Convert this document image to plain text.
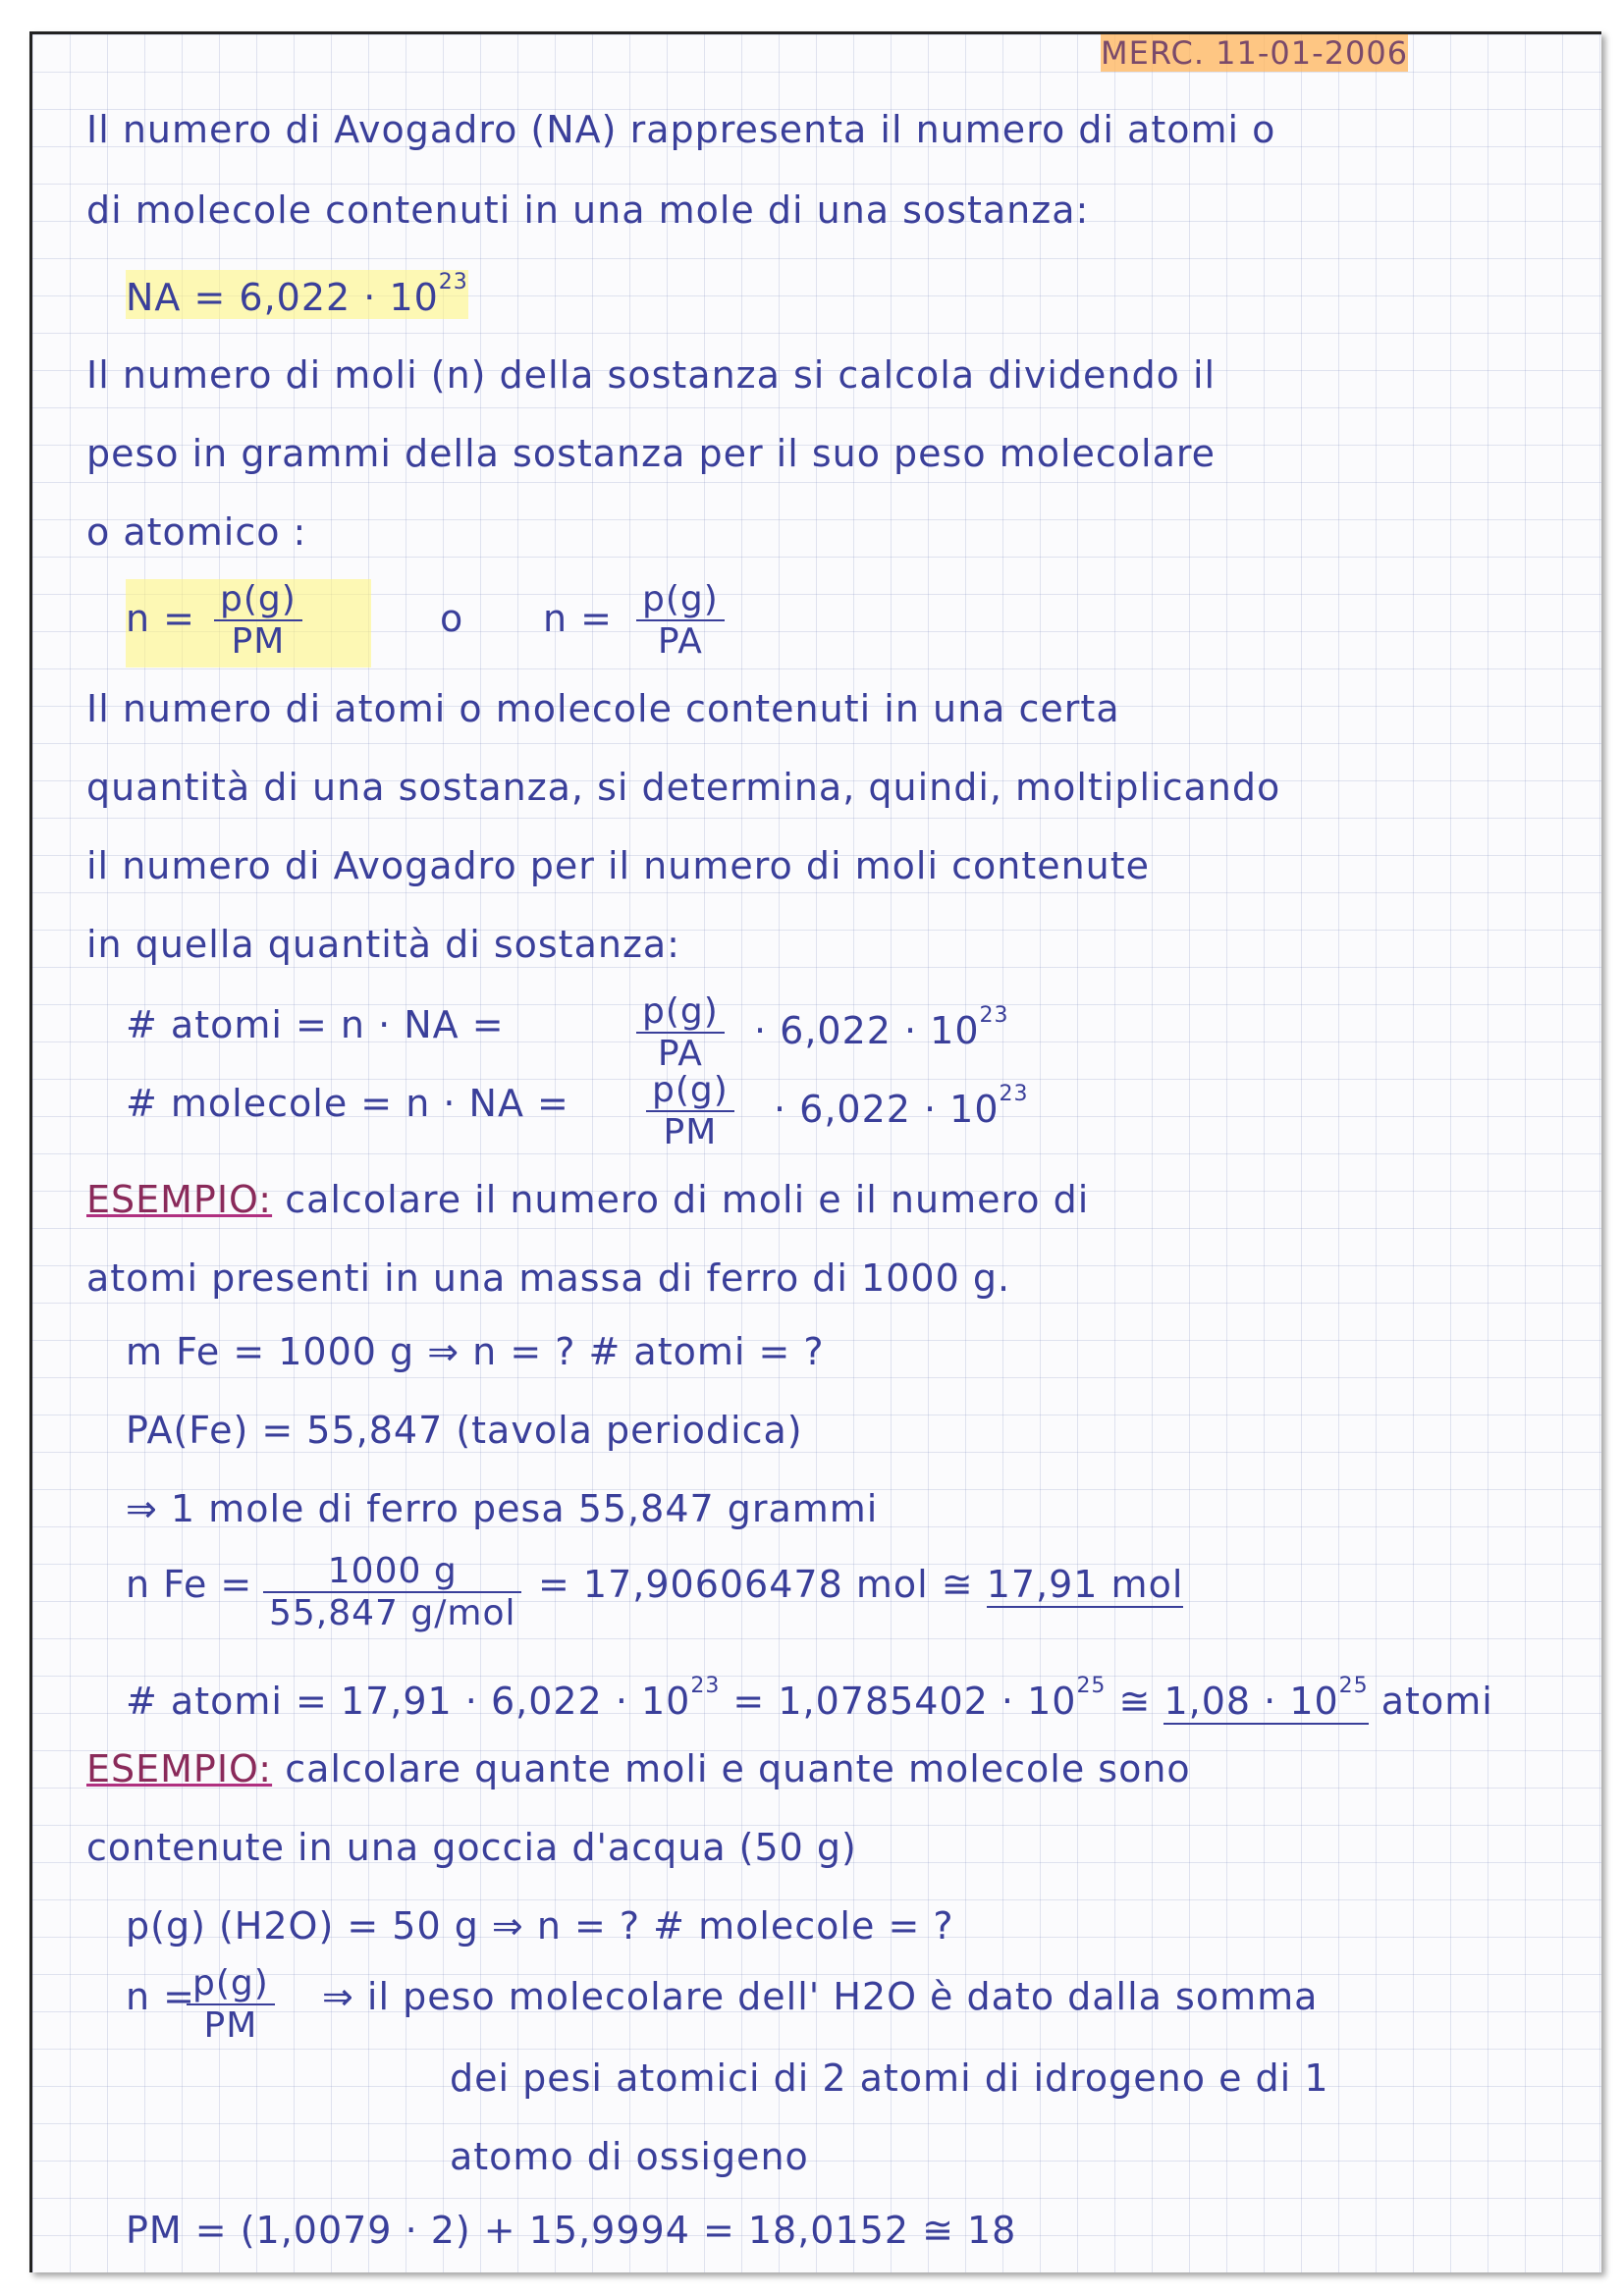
MERC. 11-01-2006
Il numero di Avogadro (NA) rappresenta il numero di atomi o
di molecole contenuti in una mole di una sostanza:
NA = $6,022 \cdot 10^{23}$
Il numero di moli (n) della sostanza si calcola dividendo il
peso in grammi della sostanza per il suo peso molecolare
o atomico :
$n = \frac{p(g)}{PM}$	o $n = \frac{p(g)}{PA}$
Il numero di atomi o molecole contenuti in una certa
quantità di una sostanza, si determina, quindi, moltiplicando
il numero di Avogadro per il numero di moli contenute
in quella quantità di sostanza:
# atomi = n · NA =	$\frac{p(g)}{PA} \cdot 6,022 \cdot 10^{23}$
# molecole = n · NA = $\frac{p(g)}{PM} \cdot 6,022 \cdot 10^{23}$
ESEMPIO: calcolare il numero di moli e il numero di
atomi presenti in una massa di ferro di 1000 g.
m Fe = 1000 g ⇒ n = ? # atomi = ?
PA(Fe) = 55,847 (tavola periodica)
⇒ 1 mole di ferro pesa 55,847 grammi
n Fe =	1000 g
55,847 g/mol
= 17,90606478 mol ≅ 17,91 mol
# atomi = $17,91 \cdot 6,022 \cdot 10^{23} = 1,0785402 \cdot 10^{25}$ ≅ $1,08 \cdot 10^{25}$ atomi
ESEMPIO: calcolare quante moli e quante molecole sono
contenute in una goccia d'acqua (50 g)
p(g) (H2O) = 50 g ⇒ n = ? # molecole = ?
n =
$\frac{p(g)}{PM}$ ⇒ il peso molecolare dell' H2O è dato dalla somma
dei pesi atomici di 2 atomi di idrogeno e di 1
atomo di ossigeno
PM = (1,0079 · 2) + 15,9994 = 18,0152 ≅ 18
